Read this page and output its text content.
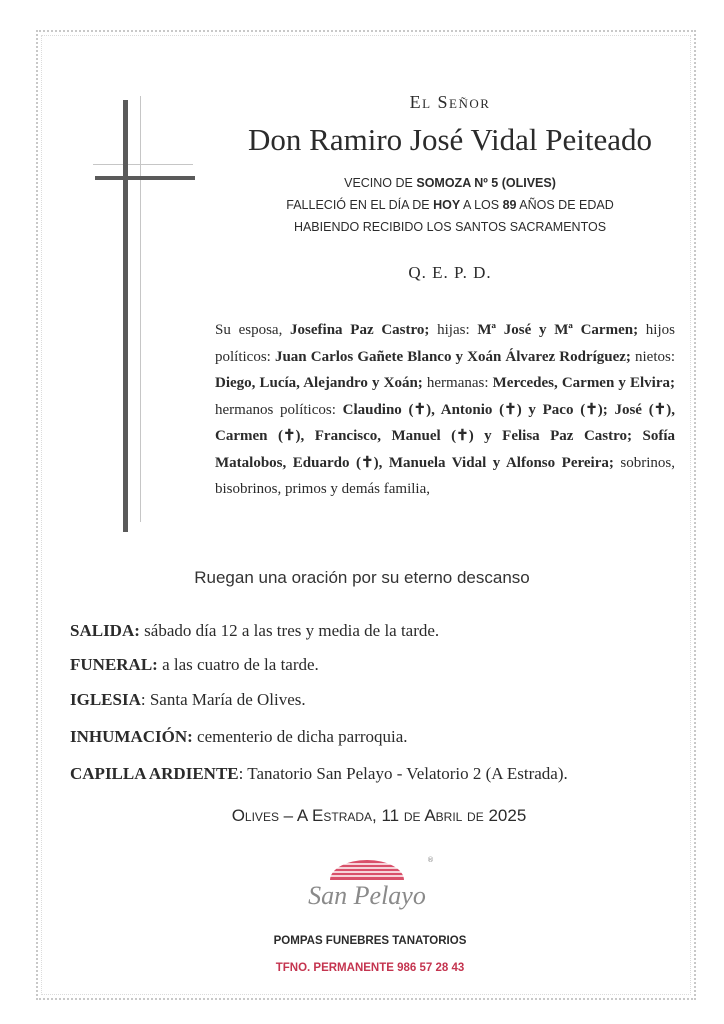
El Señor
Don Ramiro José Vidal Peiteado
VECINO DE SOMOZA Nº 5 (OLIVES)
FALLECIÓ EN EL DÍA DE HOY A LOS 89 AÑOS DE EDAD
HABIENDO RECIBIDO LOS SANTOS SACRAMENTOS
Q. E. P. D.
Su esposa, Josefina Paz Castro; hijas: Mª José y Mª Carmen; hijos políticos: Juan Carlos Gañete Blanco y Xoán Álvarez Rodríguez; nietos: Diego, Lucía, Alejandro y Xoán; hermanas: Mercedes, Carmen y Elvira; hermanos políticos: Claudino (✝), Antonio (✝) y Paco (✝); José (✝), Carmen (✝), Francisco, Manuel (✝) y Felisa Paz Castro; Sofía Matalobos, Eduardo (✝), Manuela Vidal y Alfonso Pereira; sobrinos, bisobrinos, primos y demás familia,
Ruegan una oración por su eterno descanso
SALIDA: sábado día 12 a las tres y media de la tarde.
FUNERAL: a las cuatro de la tarde.
IGLESIA: Santa María de Olives.
INHUMACIÓN: cementerio de dicha parroquia.
CAPILLA ARDIENTE: Tanatorio San Pelayo - Velatorio 2 (A Estrada).
Olives – A Estrada, 11 de Abril de 2025
®
San Pelayo
POMPAS FUNEBRES TANATORIOS
TFNO. PERMANENTE 986 57 28 43
